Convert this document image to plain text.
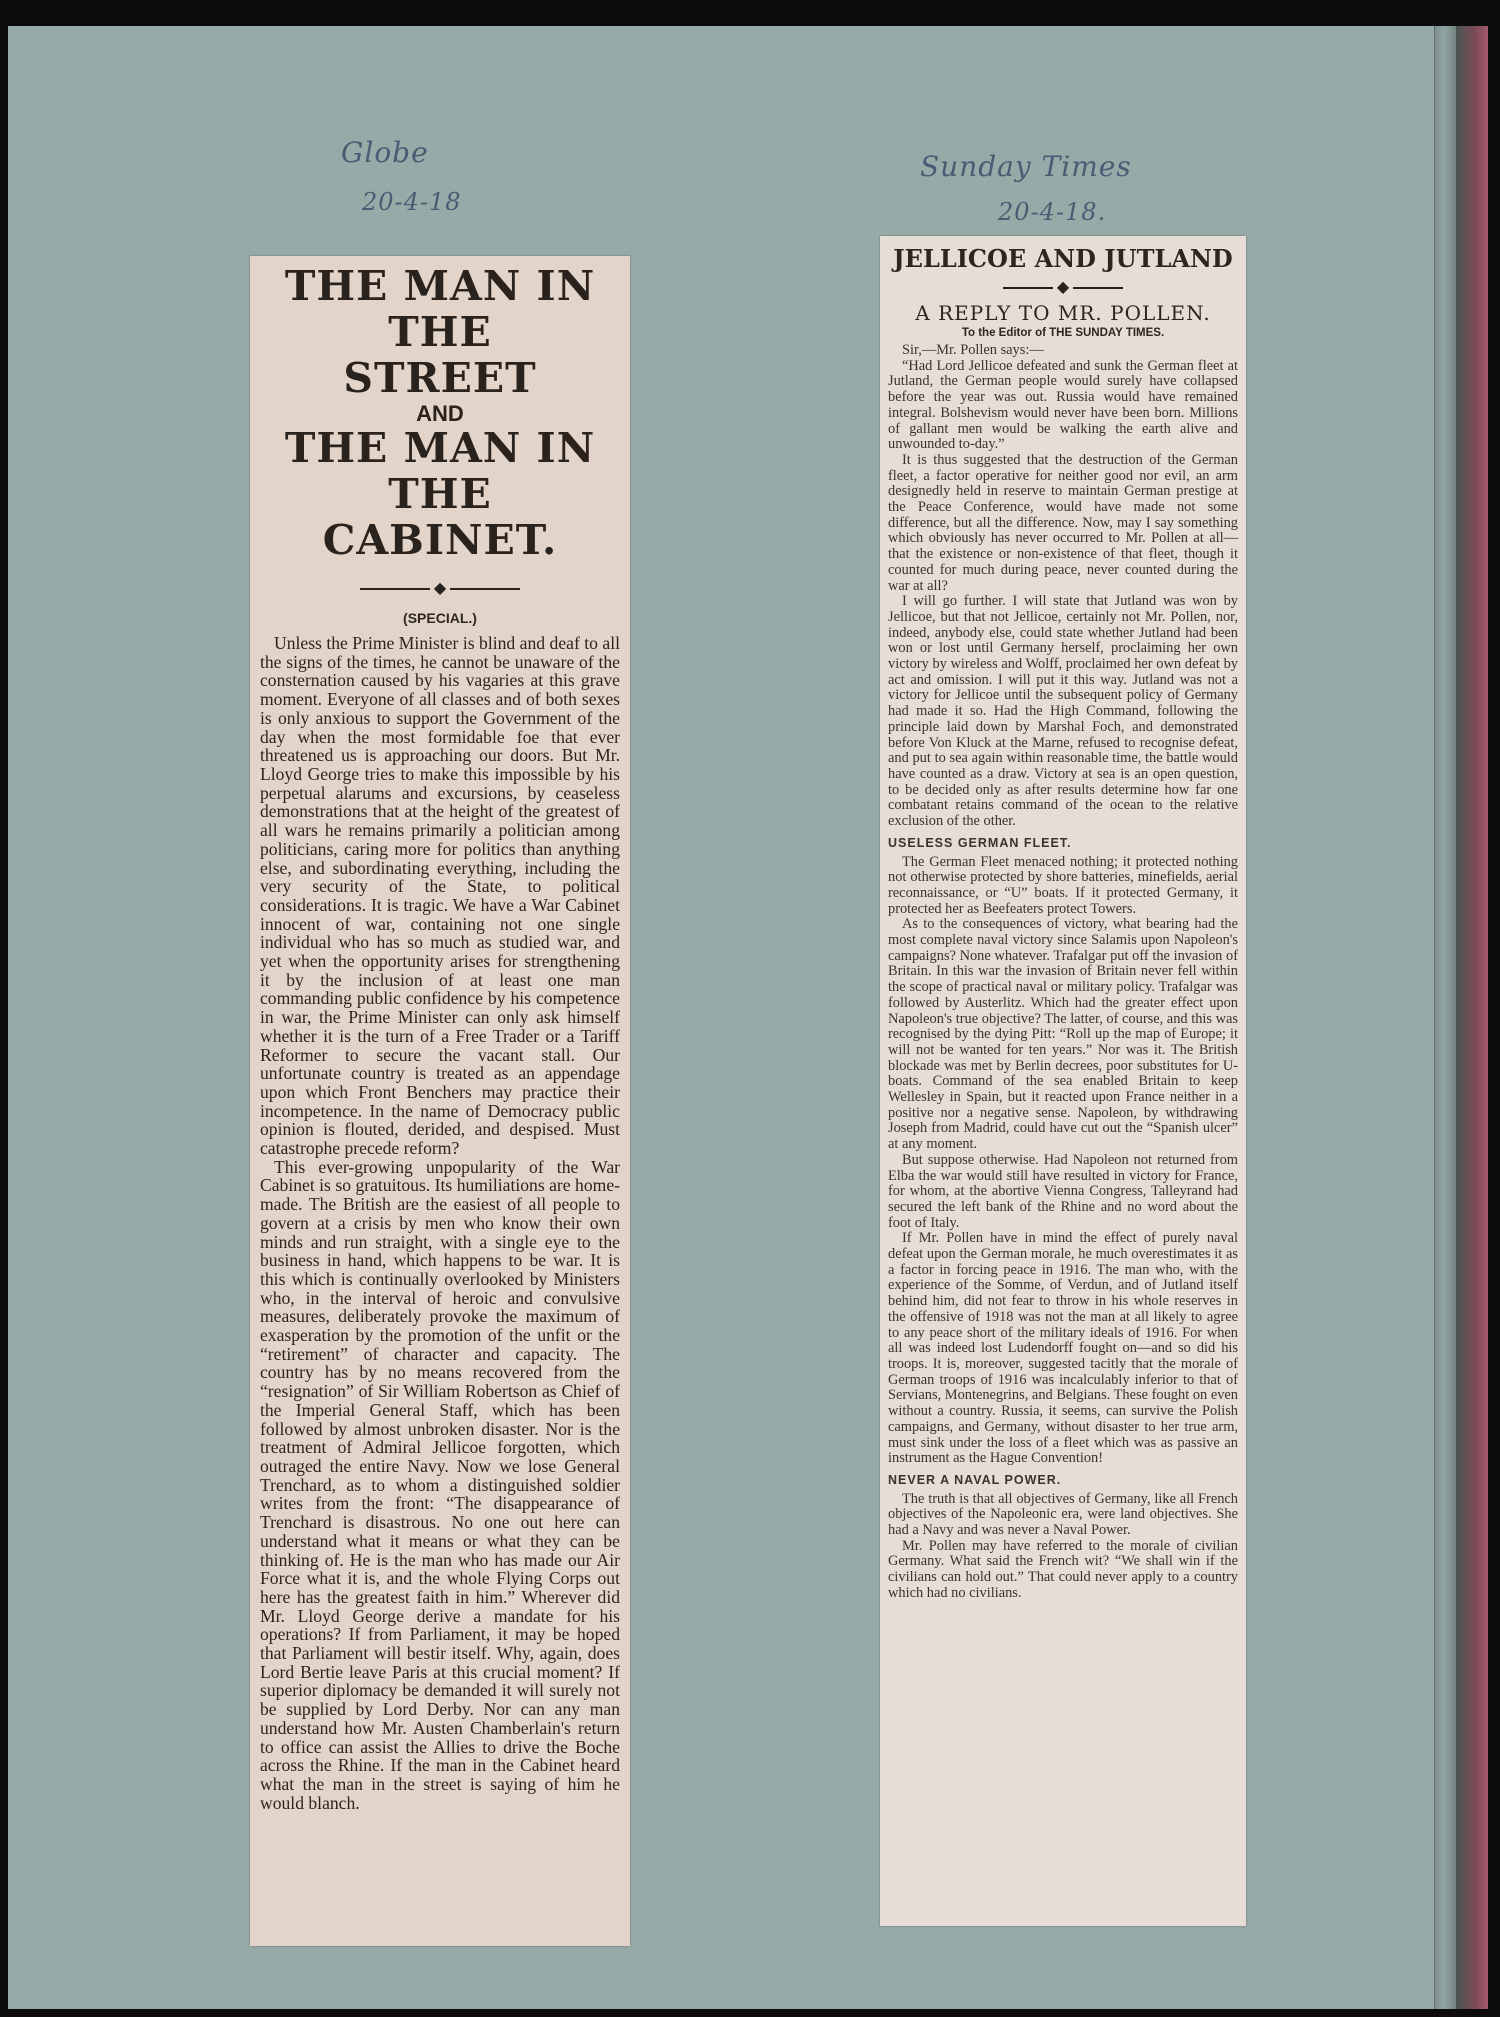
Globe
20-4-18
Sunday Times
20-4-18.
THE MAN IN THE
STREET
AND
THE MAN IN THE
CABINET.
◆
(SPECIAL.)

Unless the Prime Minister is blind and deaf to all the signs of the times, he cannot be unaware of the consternation caused by his vagaries at this grave moment. Everyone of all classes and of both sexes is only anxious to support the Government of the day when the most formidable foe that ever threatened us is approaching our doors. But Mr. Lloyd George tries to make this impossible by his perpetual alarums and excursions, by ceaseless demonstrations that at the height of the greatest of all wars he remains primarily a politician among politicians, caring more for politics than anything else, and subordinating everything, including the very security of the State, to political considerations. It is tragic. We have a War Cabinet innocent of war, containing not one single individual who has so much as studied war, and yet when the opportunity arises for strengthening it by the inclusion of at least one man commanding public confidence by his competence in war, the Prime Minister can only ask himself whether it is the turn of a Free Trader or a Tariff Reformer to secure the vacant stall. Our unfortunate country is treated as an appendage upon which Front Benchers may practice their incompetence. In the name of Democracy public opinion is flouted, derided, and despised. Must catastrophe precede reform?

This ever-growing unpopularity of the War Cabinet is so gratuitous. Its humiliations are home-made. The British are the easiest of all people to govern at a crisis by men who know their own minds and run straight, with a single eye to the business in hand, which happens to be war. It is this which is continually overlooked by Ministers who, in the interval of heroic and convulsive measures, deliberately provoke the maximum of exasperation by the promotion of the unfit or the “retirement” of character and capacity. The country has by no means recovered from the “resignation” of Sir William Robertson as Chief of the Imperial General Staff, which has been followed by almost unbroken disaster. Nor is the treatment of Admiral Jellicoe forgotten, which outraged the entire Navy. Now we lose General Trenchard, as to whom a distinguished soldier writes from the front: “The disappearance of Trenchard is disastrous. No one out here can understand what it means or what they can be thinking of. He is the man who has made our Air Force what it is, and the whole Flying Corps out here has the greatest faith in him.” Wherever did Mr. Lloyd George derive a mandate for his operations? If from Parliament, it may be hoped that Parliament will bestir itself. Why, again, does Lord Bertie leave Paris at this crucial moment? If superior diplomacy be demanded it will surely not be supplied by Lord Derby. Nor can any man understand how Mr. Austen Chamberlain's return to office can assist the Allies to drive the Boche across the Rhine. If the man in the Cabinet heard what the man in the street is saying of him he would blanch.

JELLICOE AND JUTLAND
◆
A REPLY TO MR. POLLEN.
To the Editor of THE SUNDAY TIMES.

Sir,—Mr. Pollen says:—

“Had Lord Jellicoe defeated and sunk the German fleet at Jutland, the German people would surely have collapsed before the year was out. Russia would have remained integral. Bolshevism would never have been born. Millions of gallant men would be walking the earth alive and unwounded to-day.”

It is thus suggested that the destruction of the German fleet, a factor operative for neither good nor evil, an arm designedly held in reserve to maintain German prestige at the Peace Conference, would have made not some difference, but all the difference. Now, may I say something which obviously has never occurred to Mr. Pollen at all—that the existence or non-existence of that fleet, though it counted for much during peace, never counted during the war at all?

I will go further. I will state that Jutland was won by Jellicoe, but that not Jellicoe, certainly not Mr. Pollen, nor, indeed, anybody else, could state whether Jutland had been won or lost until Germany herself, proclaiming her own victory by wireless and Wolff, proclaimed her own defeat by act and omission. I will put it this way. Jutland was not a victory for Jellicoe until the subsequent policy of Germany had made it so. Had the High Command, following the principle laid down by Marshal Foch, and demonstrated before Von Kluck at the Marne, refused to recognise defeat, and put to sea again within reasonable time, the battle would have counted as a draw. Victory at sea is an open question, to be decided only as after results determine how far one combatant retains command of the ocean to the relative exclusion of the other.

USELESS GERMAN FLEET.

The German Fleet menaced nothing; it protected nothing not otherwise protected by shore batteries, minefields, aerial reconnaissance, or “U” boats. If it protected Germany, it protected her as Beefeaters protect Towers.

As to the consequences of victory, what bearing had the most complete naval victory since Salamis upon Napoleon's campaigns? None whatever. Trafalgar put off the invasion of Britain. In this war the invasion of Britain never fell within the scope of practical naval or military policy. Trafalgar was followed by Austerlitz. Which had the greater effect upon Napoleon's true objective? The latter, of course, and this was recognised by the dying Pitt: “Roll up the map of Europe; it will not be wanted for ten years.” Nor was it. The British blockade was met by Berlin decrees, poor substitutes for U-boats. Command of the sea enabled Britain to keep Wellesley in Spain, but it reacted upon France neither in a positive nor a negative sense. Napoleon, by withdrawing Joseph from Madrid, could have cut out the “Spanish ulcer” at any moment.

But suppose otherwise. Had Napoleon not returned from Elba the war would still have resulted in victory for France, for whom, at the abortive Vienna Congress, Talleyrand had secured the left bank of the Rhine and no word about the foot of Italy.

If Mr. Pollen have in mind the effect of purely naval defeat upon the German morale, he much overestimates it as a factor in forcing peace in 1916. The man who, with the experience of the Somme, of Verdun, and of Jutland itself behind him, did not fear to throw in his whole reserves in the offensive of 1918 was not the man at all likely to agree to any peace short of the military ideals of 1916. For when all was indeed lost Ludendorff fought on—and so did his troops. It is, moreover, suggested tacitly that the morale of German troops of 1916 was incalculably inferior to that of Servians, Montenegrins, and Belgians. These fought on even without a country. Russia, it seems, can survive the Polish campaigns, and Germany, without disaster to her true arm, must sink under the loss of a fleet which was as passive an instrument as the Hague Convention!

NEVER A NAVAL POWER.

The truth is that all objectives of Germany, like all French objectives of the Napoleonic era, were land objectives. She had a Navy and was never a Naval Power.

Mr. Pollen may have referred to the morale of civilian Germany. What said the French wit? “We shall win if the civilians can hold out.” That could never apply to a country which had no civilians.
